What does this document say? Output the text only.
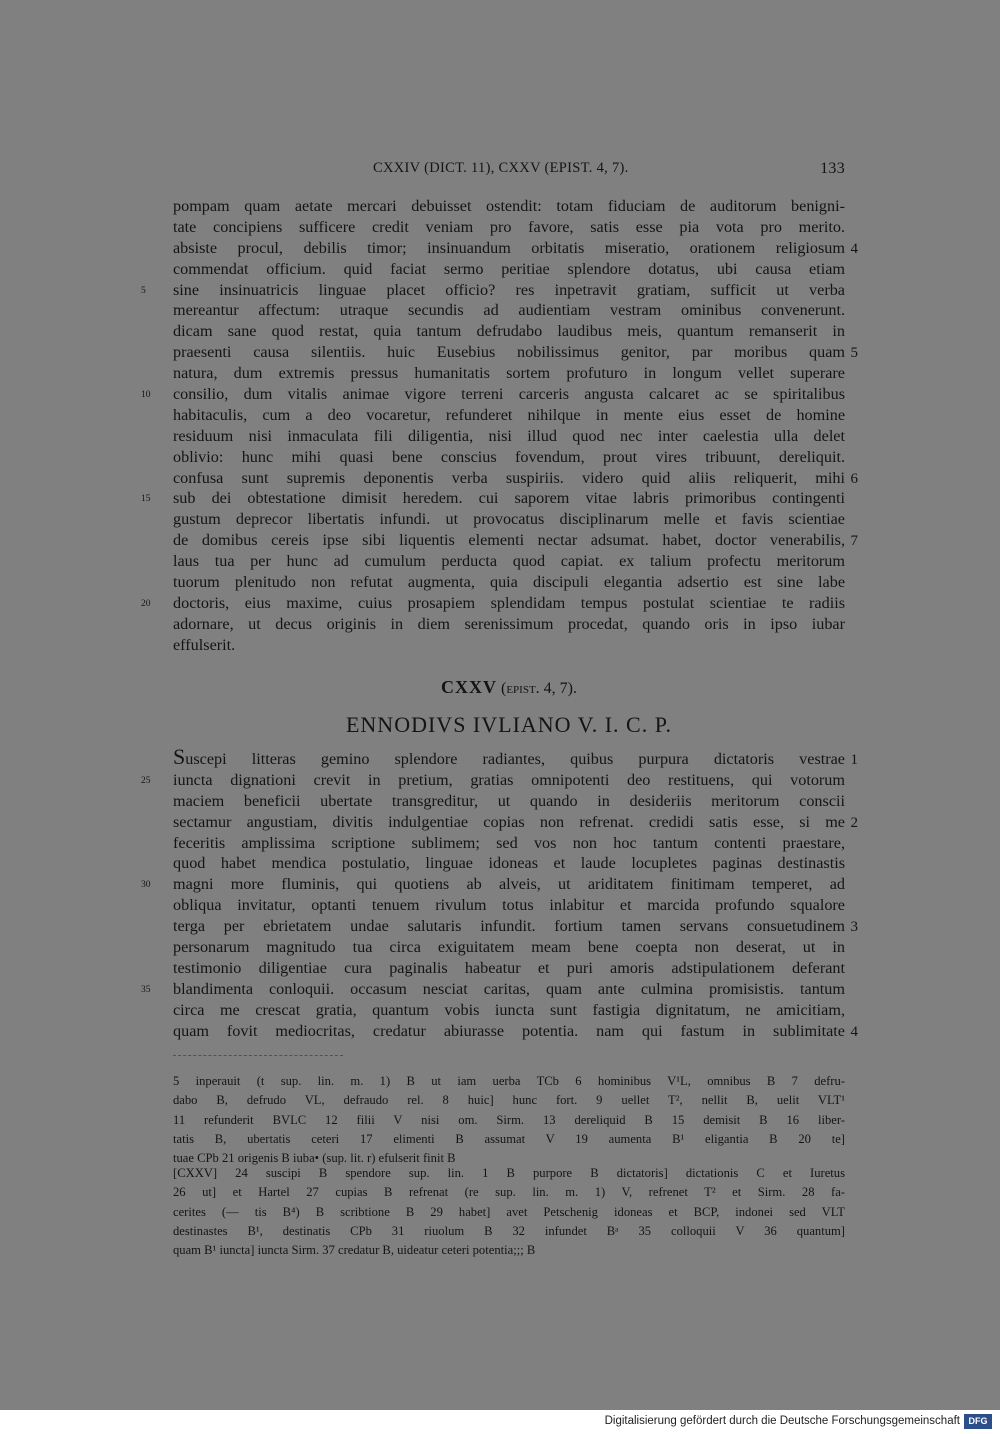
CXXIV (DICT. 11), CXXV (EPIST. 4, 7).	133
pompam quam aetate mercari debuisset ostendit: totam fiduciam de auditorum benigni-
tate concipiens sufficere credit veniam pro favore, satis esse pia vota pro merito.
absiste procul, debilis timor; insinuandum orbitatis miseratio, orationem religiosum 4
commendat officium. quid faciat sermo peritiae splendore dotatus, ubi causa etiam
sine insinuatricis linguae placet officio? res inpetravit gratiam, sufficit ut verba
5
mereantur affectum: utraque secundis ad audientiam vestram ominibus convenerunt.
dicam sane quod restat, quia tantum defrudabo laudibus meis, quantum remanserit in
praesenti causa silentiis. huic Eusebius nobilissimus genitor, par moribus quam 5
natura, dum extremis pressus humanitatis sortem profuturo in longum vellet superare
consilio, dum vitalis animae vigore terreni carceris angusta calcaret ac se spiritalibus
10
habitaculis, cum a deo vocaretur, refunderet nihilque in mente eius esset de homine
residuum nisi inmaculata fili diligentia, nisi illud quod nec inter caelestia ulla delet
oblivio: hunc mihi quasi bene conscius fovendum, prout vires tribuunt, dereliquit.
confusa sunt supremis deponentis verba suspiriis. videro quid aliis reliquerit, mihi 6
sub dei obtestatione dimisit heredem. cui saporem vitae labris primoribus contingenti
15
gustum deprecor libertatis infundi. ut provocatus disciplinarum melle et favis scientiae
de domibus cereis ipse sibi liquentis elementi nectar adsumat. habet, doctor venerabilis, 7
laus tua per hunc ad cumulum perducta quod capiat. ex talium profectu meritorum
tuorum plenitudo non refutat augmenta, quia discipuli elegantia adsertio est sine labe
doctoris, eius maxime, cuius prosapiem splendidam tempus postulat scientiae te radiis
20
adornare, ut decus originis in diem serenissimum procedat, quando oris in ipso iubar
effulserit.
CXXV (epist. 4, 7).
ENNODIVS IVLIANO V. I. C. P.
Suscepi litteras gemino splendore radiantes, quibus purpura dictatoris vestrae 1
iuncta dignationi crevit in pretium, gratias omnipotenti deo restituens, qui votorum
25
maciem beneficii ubertate transgreditur, ut quando in desideriis meritorum conscii
sectamur angustiam, divitis indulgentiae copias non refrenat. credidi satis esse, si me 2
feceritis amplissima scriptione sublimem; sed vos non hoc tantum contenti praestare,
quod habet mendica postulatio, linguae idoneas et laude locupletes paginas destinastis
magni more fluminis, qui quotiens ab alveis, ut ariditatem finitimam temperet, ad
30
obliqua invitatur, optanti tenuem rivulum totus inlabitur et marcida profundo squalore
terga per ebrietatem undae salutaris infundit. fortium tamen servans consuetudinem 3
personarum magnitudo tua circa exiguitatem meam bene coepta non deserat, ut in
testimonio diligentiae cura paginalis habeatur et puri amoris adstipulationem deferant
blandimenta conloquii. occasum nesciat caritas, quam ante culmina promisistis. tantum
35
circa me crescat gratia, quantum vobis iuncta sunt fastigia dignitatum, ne amicitiam,
quam fovit mediocritas, credatur abiurasse potentia. nam qui fastum in sublimitate 4
5 inperauit (t sup. lin. m. 1) B ut iam uerba TCb 6 hominibus V¹L, omnibus B 7 defru-
dabo B, defrudo VL, defraudo rel. 8 huic] hunc fort. 9 uellet T², nellit B, uelit VLT¹
11 refunderit BVLC 12 filii V nisi om. Sirm. 13 dereliquid B 15 demisit B 16 liber-
tatis B, ubertatis ceteri 17 elimenti B assumat V 19 aumenta B¹ eligantia B 20 te]
tuae CPb 21 origenis B iuba• (sup. lit. r) efulserit finit B
[CXXV] 24 suscipi B spendore sup. lin. 1 B purpore B dictatoris] dictationis C et Iuretus
26 ut] et Hartel 27 cupias B refrenat (re sup. lin. m. 1) V, refrenet T² et Sirm. 28 fa-
cerites (— tis B⁴) B scribtione B 29 habet] avet Petschenig idoneas et BCP, indonei sed VLT
destinastes B¹, destinatis CPb 31 riuolum B 32 infundet Bᵃ 35 colloquii V 36 quantum]
quam B¹ iuncta] iuncta Sirm. 37 credatur B, uideatur ceteri potentia;;; B
Digitalisierung gefördert durch die Deutsche Forschungsgemeinschaft DFG
